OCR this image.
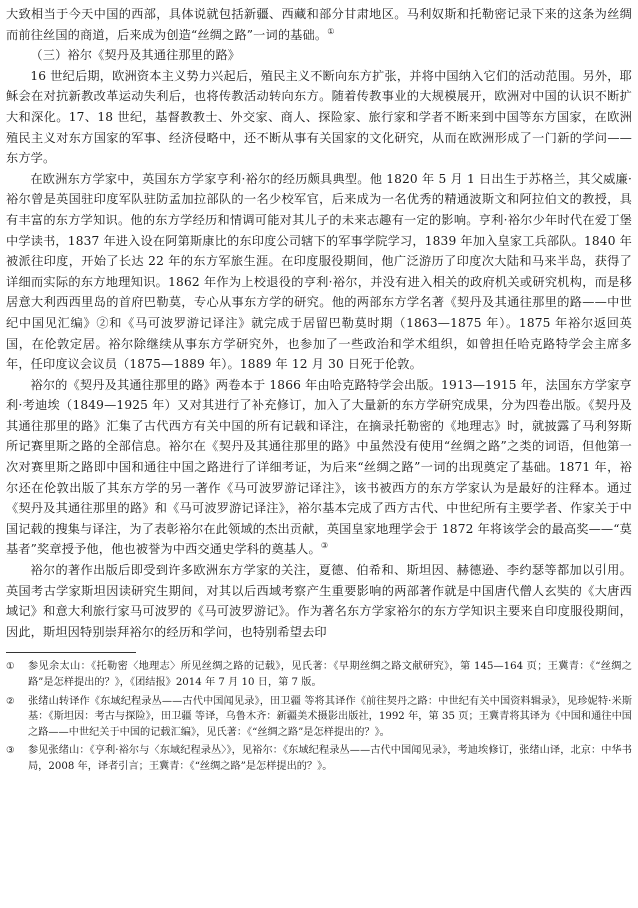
大致相当于今天中国的西部，具体说就包括新疆、西藏和部分甘肃地区。马利奴斯和托勒密记录下来的这条为丝绸而前往丝国的商道，后来成为创造“丝绸之路”一词的基础。①

（三）裕尔《契丹及其通往那里的路》

16 世纪后期，欧洲资本主义势力兴起后，殖民主义不断向东方扩张，并将中国纳入它们的活动范围。另外，耶稣会在对抗新教改革运动失利后，也将传教活动转向东方。随着传教事业的大规模展开，欧洲对中国的认识不断扩大和深化。17、18 世纪，基督教教士、外交家、商人、探险家、旅行家和学者不断来到中国等东方国家，在欧洲殖民主义对东方国家的军事、经济侵略中，还不断从事有关国家的文化研究，从而在欧洲形成了一门新的学问——东方学。

在欧洲东方学家中，英国东方学家亨利·裕尔的经历颇具典型。他 1820 年 5 月 1 日出生于苏格兰，其父威廉·裕尔曾是英国驻印度军队驻防孟加拉部队的一名少校军官，后来成为一名优秀的精通波斯文和阿拉伯文的教授，具有丰富的东方学知识。他的东方学经历和情调可能对其儿子的未来志趣有一定的影响。亨利·裕尔少年时代在爱丁堡中学读书，1837 年进入设在阿第斯康比的东印度公司辖下的军事学院学习，1839 年加入皇家工兵部队。1840 年被派往印度，开始了长达 22 年的东方军旅生涯。在印度服役期间，他广泛游历了印度次大陆和马来半岛，获得了详细而实际的东方地理知识。1862 年作为上校退役的亨利·裕尔，并没有进入相关的政府机关或研究机构，而是移居意大利西西里岛的首府巴勒莫，专心从事东方学的研究。他的两部东方学名著《契丹及其通往那里的路——中世纪中国见汇编》②和《马可波罗游记译注》就完成于居留巴勒莫时期（1863—1875 年）。1875 年裕尔返回英国，在伦敦定居。裕尔除继续从事东方学研究外，也参加了一些政治和学术组织，如曾担任哈克路特学会主席多年，任印度议会议员（1875—1889 年）。1889 年 12 月 30 日死于伦敦。

裕尔的《契丹及其通往那里的路》两卷本于 1866 年由哈克路特学会出版。1913—1915 年，法国东方学家亨利·考迪埃（1849—1925 年）又对其进行了补充修订，加入了大量新的东方学研究成果，分为四卷出版。《契丹及其通往那里的路》汇集了古代西方有关中国的所有记载和译注，在摘录托勒密的《地理志》时，就披露了马利努斯所记赛里斯之路的全部信息。裕尔在《契丹及其通往那里的路》中虽然没有使用“丝绸之路”之类的词语，但他第一次对赛里斯之路即中国和通往中国之路进行了详细考证，为后来“丝绸之路”一词的出现奠定了基础。1871 年，裕尔还在伦敦出版了其东方学的另一著作《马可波罗游记译注》，该书被西方的东方学家认为是最好的注释本。通过《契丹及其通往那里的路》和《马可波罗游记译注》，裕尔基本完成了西方古代、中世纪所有主要学者、作家关于中国记载的搜集与译注，为了表彰裕尔在此领域的杰出贡献，英国皇家地理学会于 1872 年将该学会的最高奖——“莫基者”奖章授予他，他也被誉为中西交通史学科的奠基人。③

裕尔的著作出版后即受到许多欧洲东方学家的关注，夏德、伯希和、斯坦因、赫德逊、李约瑟等都加以引用。英国考古学家斯坦因读研究生期间，对其以后西域考察产生重要影响的两部著作就是中国唐代僧人玄奘的《大唐西域记》和意大利旅行家马可波罗的《马可波罗游记》。作为著名东方学家裕尔的东方学知识主要来自印度服役期间，因此，斯坦因特别崇拜裕尔的经历和学问，也特别希望去印

①	参见余太山：《托勒密〈地理志〉所见丝绸之路的记载》，见氏著：《早期丝绸之路文献研究》，第 145—164 页；王冀青：《“丝绸之路”是怎样提出的？》，《团结报》2014 年 7 月 10 日，第 7 版。
②	张绪山转译作《东域纪程录丛——古代中国闻见录》，田卫疆 等将其译作《前往契丹之路：中世纪有关中国资料辑录》，见珍妮特·米斯基：《斯坦因：考古与探险》，田卫疆 等译，乌鲁木齐：新疆美术摄影出版社，1992 年，第 35 页；王冀青将其译为《中国和通往中国之路——中世纪关于中国的记载汇编》，见氏著：《“丝绸之路”是怎样提出的？》。
③	参见张绪山：《亨利·裕尔与〈东域纪程录丛〉》，见裕尔：《东域纪程录丛——古代中国闻见录》，考迪埃修订，张绪山译，北京：中华书局，2008 年，译者引言；王冀青：《“丝绸之路”是怎样提出的？》。
